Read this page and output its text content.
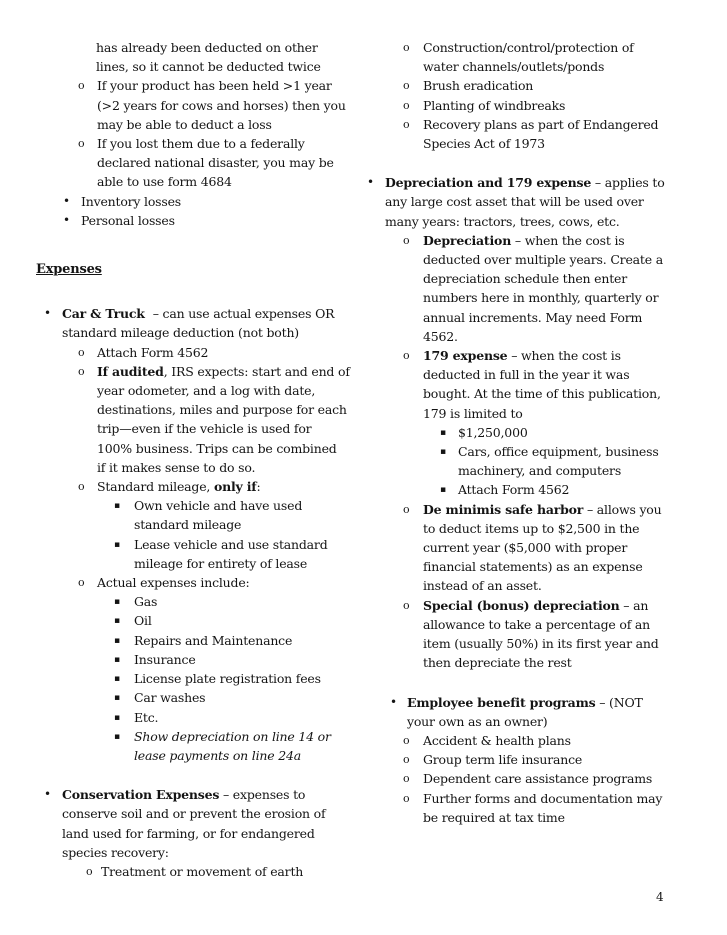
has already been deducted on other
lines, so it cannot be deducted twice
o If your product has been held >1 year
(>2 years for cows and horses) then you
may be able to deduct a loss
o If you lost them due to a federally
declared national disaster, you may be
able to use form 4684
• Inventory losses
• Personal losses
Expenses
• Car & Truck  – can use actual expenses OR
standard mileage deduction (not both)
o Attach Form 4562
o If audited, IRS expects: start and end of
year odometer, and a log with date,
destinations, miles and purpose for each
trip—even if the vehicle is used for
100% business. Trips can be combined
if it makes sense to do so.
o Standard mileage, only if:
▪ Own vehicle and have used
standard mileage
▪ Lease vehicle and use standard
mileage for entirety of lease
o Actual expenses include:
▪ Gas
▪ Oil
▪ Repairs and Maintenance
▪ Insurance
▪ License plate registration fees
▪ Car washes
▪ Etc.
▪ Show depreciation on line 14 or
lease payments on line 24a
• Conservation Expenses – expenses to
conserve soil and or prevent the erosion of
land used for farming, or for endangered
species recovery:
o Treatment or movement of earth
o Construction/control/protection of
water channels/outlets/ponds
o Brush eradication
o Planting of windbreaks
o Recovery plans as part of Endangered
Species Act of 1973
• Depreciation and 179 expense – applies to
any large cost asset that will be used over
many years: tractors, trees, cows, etc.
o Depreciation – when the cost is
deducted over multiple years. Create a
depreciation schedule then enter
numbers here in monthly, quarterly or
annual increments. May need Form
4562.
o 179 expense – when the cost is
deducted in full in the year it was
bought. At the time of this publication,
179 is limited to
▪ $1,250,000
▪ Cars, office equipment, business
machinery, and computers
▪ Attach Form 4562
o De minimis safe harbor – allows you
to deduct items up to $2,500 in the
current year ($5,000 with proper
financial statements) as an expense
instead of an asset.
o Special (bonus) depreciation – an
allowance to take a percentage of an
item (usually 50%) in its first year and
then depreciate the rest
• Employee benefit programs – (NOT
your own as an owner)
o Accident & health plans
o Group term life insurance
o Dependent care assistance programs
o Further forms and documentation may
be required at tax time
4
